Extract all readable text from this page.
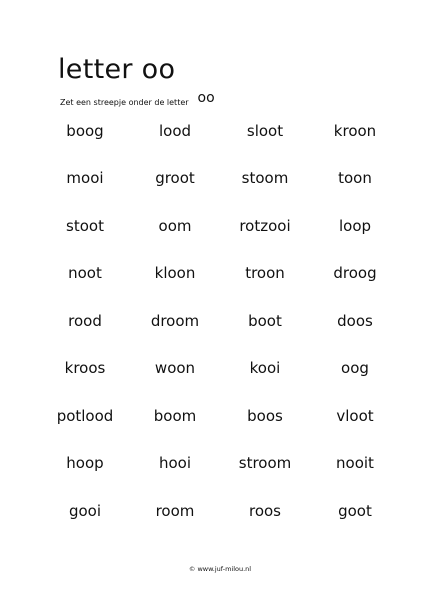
letter oo
Zet een streepje onder de letter oo
boog	lood	sloot	kroon
mooi	groot	stoom	toon
stoot	oom	rotzooi	loop
noot	kloon	troon	droog
rood	droom	boot	doos
kroos	woon	kooi	oog
potlood	boom	boos	vloot
hoop	hooi	stroom	nooit
gooi	room	roos	goot
© www.juf-milou.nl
